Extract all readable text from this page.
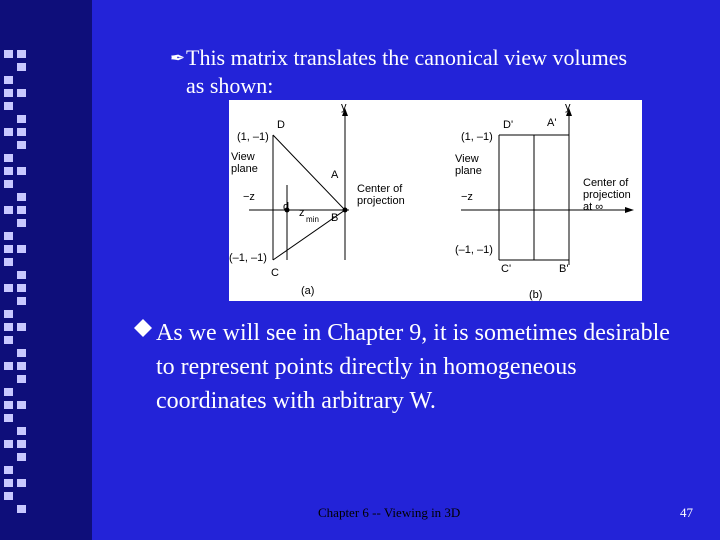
✒ This matrix translates the canonical view volumes
as shown:
y
D
(1, –1)
View
plane	A
−z
d z
min B
(–1, –1)
C
Center of
projection
(a)
y
A'
D'
(1, –1)
View
plane
−z
Center of
projection
at ∞
(–1, –1)
C'	B'
(b)
As we will see in Chapter 9, it is sometimes desirable to represent points directly in homogeneous coordinates with arbitrary W.
Chapter 6 -- Viewing in 3D	47
